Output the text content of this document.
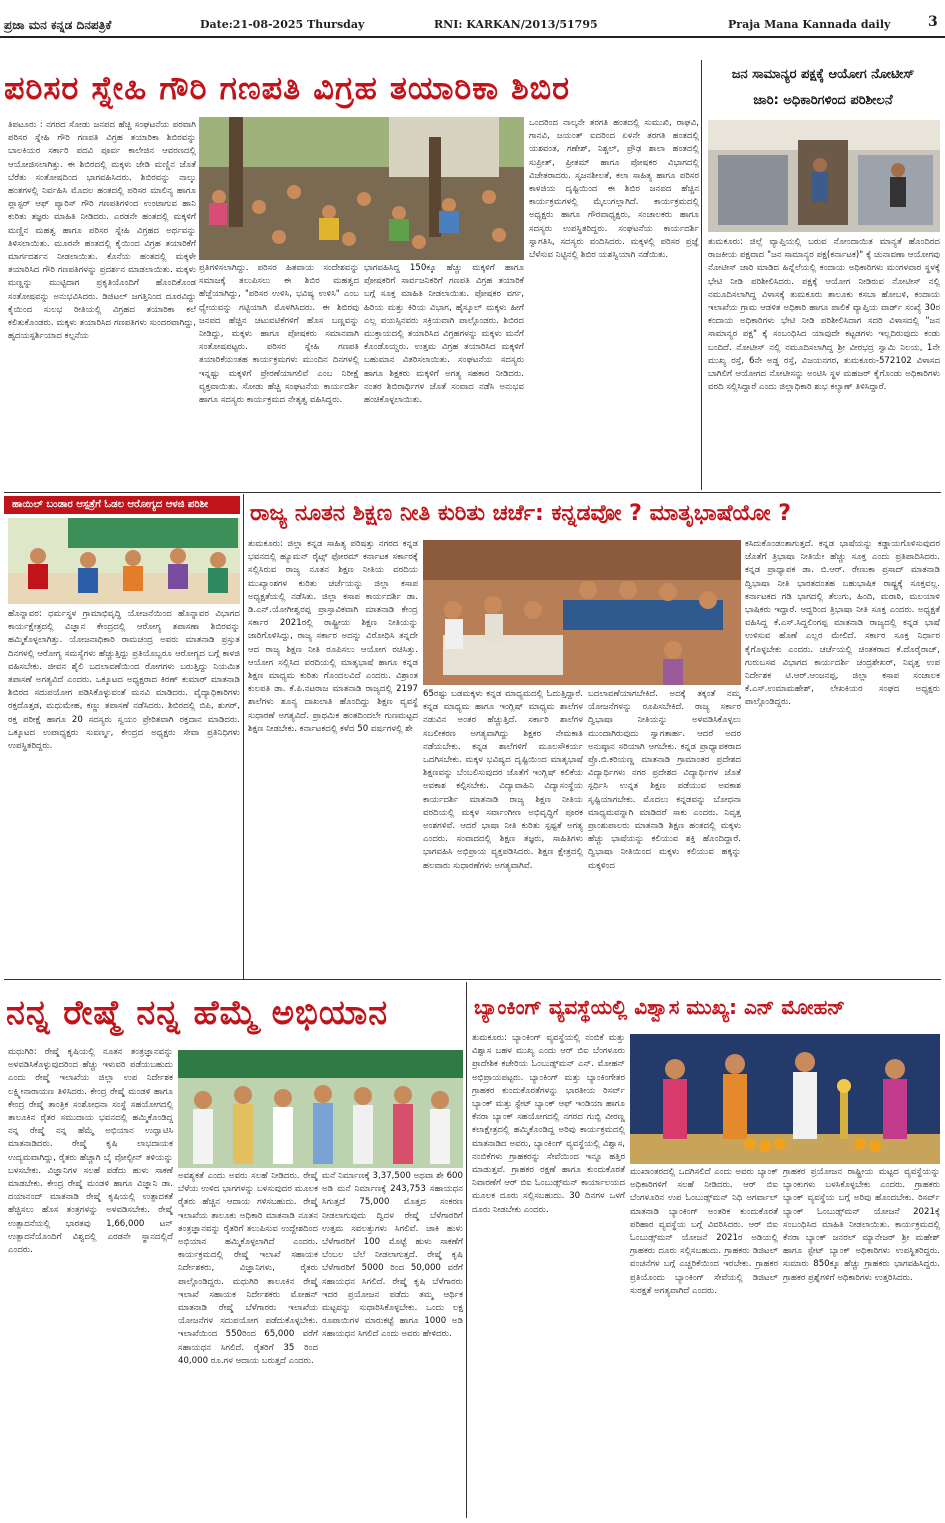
ಪ್ರಜಾ ಮನ ಕನ್ನಡ ದಿನಪತ್ರಿಕೆ	Date:21-08-2025 Thursday	RNI: KARKAN/2013/51795	Praja Mana Kannada daily	3
ಪರಿಸರ ಸ್ನೇಹಿ ಗೌರಿ ಗಣಪತಿ ವಿಗ್ರಹ ತಯಾರಿಕಾ ಶಿಬಿರ
ತಿಪಟೂರು : ನಗರದ ಸೋಡು ಜನಪದ ಹೆಚ್ಚಿ ಸಂಘಟನೆಯ ಪರವಾಗಿ ಪರಿಸರ ಸ್ನೇಹಿ ಗೌರಿ ಗಣಪತಿ ವಿಗ್ರಹ ತಯಾರಿಕಾ ಶಿಬಿರವನ್ನು ಬಾಲಕಿಯರ ಸರ್ಕಾರಿ ಪದವಿ ಪೂರ್ವ ಕಾಲೇಜಿನ ಆವರಣದಲ್ಲಿ ಆಯೋಜಿಸಲಾಗಿತ್ತು. ಈ ಶಿಬಿರದಲ್ಲಿ ಮಕ್ಕಳು ಜೇಡಿ ಮಣ್ಣಿನ ಜೊತೆ ಬೆರೆತು ಸಂತೋಷದಿಂದ ಭಾಗವಹಿಸಿದರು. ಶಿಬಿರವನ್ನು ನಾಲ್ಕು ಹಂತಗಳಲ್ಲಿ ನಿರ್ವಹಿಸಿ ಮೊದಲ ಹಂತದಲ್ಲಿ ಪರಿಸರ ಮಾಲಿನ್ಯ ಹಾಗೂ ಪ್ಲಾಸ್ಟರ್ ಆಫ್ ಪ್ಯಾರಿಸ್ ಗೌರಿ ಗಣಪತಿಗಳಿಂದ ಉಂಟಾಗುವ ಹಾನಿ ಕುರಿತು ತಜ್ಞರು ಮಾಹಿತಿ ನೀಡಿದರು. ಎರಡನೇ ಹಂತದಲ್ಲಿ ಮಕ್ಕಳಿಗೆ ಮಣ್ಣಿನ ಮಹತ್ವ ಹಾಗೂ ಪರಿಸರ ಸ್ನೇಹಿ ವಿಗ್ರಹದ ಅರ್ಥವನ್ನು ತಿಳಿಸಲಾಯಿತು. ಮೂರನೇ ಹಂತದಲ್ಲಿ ಕೈಯಿಂದ ವಿಗ್ರಹ ತಯಾರಿಕೆಗೆ ಮಾರ್ಗದರ್ಶನ ನೀಡಲಾಯಿತು. ಕೊನೆಯ ಹಂತದಲ್ಲಿ ಮಕ್ಕಳೇ ತಯಾರಿಸಿದ ಗೌರಿ ಗಣಪತಿಗಳನ್ನು ಪ್ರದರ್ಶನ ಮಾಡಲಾಯಿತು. ಮಕ್ಕಳು ಮಣ್ಣನ್ನು ಮುಟ್ಟಿದಾಗ ಪ್ರಕೃತಿಯೊಂದಿಗೆ ಹೊಂದಿಕೊಂಡ ಸಂತೋಷವನ್ನು ಅನುಭವಿಸಿದರು. ಡಿಜಿಟಲ್ ಜಗತ್ತಿನಿಂದ ದೂರವಿದ್ದು ಕೈಯಿಂದ ಸುಲಭ ರೀತಿಯಲ್ಲಿ ವಿಗ್ರಹದ ತಯಾರಿಕಾ ಕಲೆ ಕಲಿತುಕೊಂಡರು. ಮಕ್ಕಳು ತಯಾರಿಸಿದ ಗಣಪತಿಗಳು ಸುಂದರವಾಗಿದ್ದು, ಹೃದಯಸ್ಪರ್ಶಿಯಾದ ಕಲ್ಪನೆಯ
ಪ್ರತಿಗಳಿಸಲಾಗಿದ್ದು. ಪರಿಸರ ಹಿತವಾಯ ಸಂದೇಶವನ್ನು ಸಮಾಜಕ್ಕೆ ತಲುಪಿಸಲು ಈ ಶಿಬಿರ ಮಹತ್ವದ ಹೆಜ್ಜೆಯಾಗಿದ್ದು, "ಪರಿಸರ ಉಳಿಸಿ, ಭವಿಷ್ಯ ಉಳಿಸಿ" ಎಂಬ ಧ್ಯೇಯವನ್ನು ಗಟ್ಟಿಯಾಗಿ ಮೊಳಗಿಸಿದರು. ಈ ಶಿಬಿರವು ಜನಪದ ಹೆಚ್ಚಿನ ಚಟುವಟಿಕೆಗಳಿಗೆ ಹೊಸ ಬಣ್ಣವನ್ನು ನೀಡಿದ್ದು, ಮಕ್ಕಳು ಹಾಗೂ ಪೋಷಕರು ಸಮಾನವಾಗಿ ಸಂತೋಷಪಟ್ಟರು. ಪರಿಸರ ಸ್ನೇಹಿ ಗಣಪತಿ ತಯಾರಿಕೆಯಂತಹ ಕಾರ್ಯಕ್ರಮಗಳು ಮುಂದಿನ ದಿನಗಳಲ್ಲಿ ಇನ್ನಷ್ಟು ಮಕ್ಕಳಿಗೆ ಪ್ರೇರಣೆಯಾಗಲಿವೆ ಎಂಬ ನಿರೀಕ್ಷೆ ವ್ಯಕ್ತವಾಯಿತು. ಸೋಡು ಹೆಚ್ಚಿ ಸಂಘಟನೆಯ ಕಾರ್ಯದರ್ಶಿ ಹಾಗೂ ಸದಸ್ಯರು ಕಾರ್ಯಕ್ರಮದ ನೇತೃತ್ವ ವಹಿಸಿದ್ದರು.
ಭಾಗವಹಿಸಿದ್ದ 150ಕ್ಕೂ ಹೆಚ್ಚು ಮಕ್ಕಳಿಗೆ ಹಾಗೂ ಪೋಷಕರಿಗೆ ಸಾರ್ವಜನಿಕರಿಗೆ ಗಣಪತಿ ವಿಗ್ರಹ ತಯಾರಿಕೆ ಬಗ್ಗೆ ಸೂಕ್ತ ಮಾಹಿತಿ ನೀಡಲಾಯಿತು. ಪೋಷಕರ ವರ್ಗ, ಹಿರಿಯ ಮತ್ತು ಕಿರಿಯ ವಿಭಾಗ, ಹೈಸ್ಕೂಲ್ ಮಕ್ಕಳು ಹೀಗೆ ಎಲ್ಲ ವಯಸ್ಸಿನವರು ಸಕ್ರಿಯವಾಗಿ ಪಾಲ್ಗೊಂಡರು. ಶಿಬಿರದ ಮುಕ್ತಾಯದಲ್ಲಿ ತಯಾರಿಸಿದ ವಿಗ್ರಹಗಳನ್ನು ಮಕ್ಕಳು ಮನೆಗೆ ಕೊಂಡೊಯ್ದರು. ಉತ್ತಮ ವಿಗ್ರಹ ತಯಾರಿಸಿದ ಮಕ್ಕಳಿಗೆ ಬಹುಮಾನ ವಿತರಿಸಲಾಯಿತು. ಸಂಘಟನೆಯ ಸದಸ್ಯರು ಹಾಗೂ ಶಿಕ್ಷಕರು ಮಕ್ಕಳಿಗೆ ಅಗತ್ಯ ಸಹಕಾರ ನೀಡಿದರು. ನಂತರ ಶಿಬಿರಾರ್ಥಿಗಳ ಜೊತೆ ಸಂವಾದ ನಡೆಸಿ ಅನುಭವ ಹಂಚಿಕೊಳ್ಳಲಾಯಿತು.
ಒಂದರಿಂದ ನಾಲ್ಕನೇ ತರಗತಿ ಹಂತದಲ್ಲಿ ಸುಮುಖಿ, ರಾಘವಿ, ಗಾನವಿ, ಜಯಂತ್ ಐದರಿಂದ ಏಳನೇ ತರಗತಿ ಹಂತದಲ್ಲಿ ಯಶವಂತ, ಗಣೇಶ್, ನಿಶ್ಚಲ್, ಪ್ರೌಢ ಶಾಲಾ ಹಂತದಲ್ಲಿ ಸುಪ್ರೀತ್, ಪ್ರೀತಮ್ ಹಾಗೂ ಪೋಷಕರ ವಿಭಾಗದಲ್ಲಿ ವಿಜೇತರಾದರು. ಸೃಜನಶೀಲತೆ, ಕಲಾ ಸಾಹಿತ್ಯ ಹಾಗೂ ಪರಿಸರ ಕಾಳಜಿಯ ದೃಷ್ಟಿಯಿಂದ ಈ ಶಿಬಿರ ಜನಪದ ಹೆಚ್ಚಿನ ಕಾರ್ಯಕ್ರಮಗಳಲ್ಲಿ ಮೈಲುಗಲ್ಲಾಗಿದೆ. ಕಾರ್ಯಕ್ರಮದಲ್ಲಿ ಅಧ್ಯಕ್ಷರು ಹಾಗೂ ಗೌರವಾಧ್ಯಕ್ಷರು, ಸಂಚಾಲಕರು ಹಾಗೂ ಸದಸ್ಯರು ಉಪಸ್ಥಿತರಿದ್ದರು. ಸಂಘಟನೆಯ ಕಾರ್ಯದರ್ಶಿ ಸ್ವಾಗತಿಸಿ, ಸದಸ್ಯರು ವಂದಿಸಿದರು. ಮಕ್ಕಳಲ್ಲಿ ಪರಿಸರ ಪ್ರಜ್ಞೆ ಬೆಳೆಸುವ ನಿಟ್ಟಿನಲ್ಲಿ ಶಿಬಿರ ಯಶಸ್ವಿಯಾಗಿ ನಡೆಯಿತು.
ಜನ ಸಾಮಾನ್ಯರ ಪಕ್ಷಕ್ಕೆ ಆಯೋಗ ನೋಟೀಸ್
ಜಾರಿ: ಅಧಿಕಾರಿಗಳಿಂದ ಪರಿಶೀಲನೆ
ತುಮಕೂರು: ಜಿಲ್ಲೆ ವ್ಯಾಪ್ತಿಯಲ್ಲಿ ಬರುವ ನೋಂದಾಯಿತ ಮಾನ್ಯತೆ ಹೊಂದಿರದ ರಾಜಕೀಯ ಪಕ್ಷವಾದ "ಜನ ಸಾಮಾನ್ಯರ ಪಕ್ಷ(ಕರ್ನಾಟಕ)" ಕ್ಕೆ ಚುನಾವಣಾ ಆಯೋಗವು ನೋಟೀಸ್ ಜಾರಿ ಮಾಡಿದ ಹಿನ್ನೆಲೆಯಲ್ಲಿ ಕಂದಾಯ ಅಧಿಕಾರಿಗಳು ಮಂಗಳವಾರ ಸ್ಥಳಕ್ಕೆ ಭೇಟಿ ನೀಡಿ ಪರಿಶೀಲಿಸಿದರು. ಪಕ್ಷಕ್ಕೆ ಆಯೋಗ ನೀಡಿರುವ ನೋಟೀಸ್ ನಲ್ಲಿ ನಮೂದಿಸಲಾಗಿದ್ದ ವಿಳಾಸಕ್ಕೆ ತುಮಕೂರು ತಾಲೂಕು ಕಸಬಾ ಹೋಬಳಿ, ಕಂದಾಯ ಇಲಾಖೆಯ ಗ್ರಾಮ ಆಡಳಿತ ಅಧಿಕಾರಿ ಹಾಗೂ ಪಾಲಿಕೆ ವ್ಯಾಪ್ತಿಯ ವಾರ್ಡ್ ಸಂಖ್ಯೆ 30ರ ಕಂದಾಯ ಅಧಿಕಾರಿಗಳು ಭೇಟಿ ನೀಡಿ ಪರಿಶೀಲಿಸಿದಾಗ ಸದರಿ ವಿಳಾಸದಲ್ಲಿ "ಜನ ಸಾಮಾನ್ಯರ ಪಕ್ಷ" ಕ್ಕೆ ಸಂಬಂಧಿಸಿದ ಯಾವುದೇ ಕಟ್ಟಡಗಳು ಇಲ್ಲದಿರುವುದು ಕಂಡು ಬಂದಿದೆ. ನೋಟೀಸ್ ನಲ್ಲಿ ನಮೂದಿಸಲಾಗಿದ್ದ ಶ್ರೀ ವೀರಭದ್ರ ಸ್ವಾಮಿ ನಿಲಯ, 1ನೇ ಮುಖ್ಯ ರಸ್ತೆ, 6ನೇ ಅಡ್ಡ ರಸ್ತೆ, ವಿಜಯನಗರ, ತುಮಕೂರು-572102 ವಿಳಾಸದ ಬಾಗಿಲಿಗೆ ಆಯೋಗದ ನೋಟೀಸನ್ನು ಅಂಟಿಸಿ ಸ್ಥಳ ಮಹಜರ್ ಕೈಗೊಂಡು ಅಧಿಕಾರಿಗಳು ವರದಿ ಸಲ್ಲಿಸಿದ್ದಾರೆ ಎಂದು ಜಿಲ್ಲಾಧಿಕಾರಿ ಶುಭ ಕಲ್ಯಾಣ್ ತಿಳಿಸಿದ್ದಾರೆ.
ಹಾಯಿಲ್ ಬಂಡಾರ ಆಸ್ಪತ್ರೆಗೆ ಓಡಲ ಆರೋಗ್ಯದ ಆಳಜಿ ಪರಿಶೀ
ಹೊನ್ನಾವರ: ಧರ್ಮಸ್ಥಳ ಗ್ರಾಮಾಭಿವೃದ್ಧಿ ಯೋಜನೆಯಿಂದ ಹೊನ್ನಾವರ ವಿಭಾಗದ ಕಾರ್ಯಕ್ಷೇತ್ರದಲ್ಲಿ ವಿಜ್ಞಾನ ಕೇಂದ್ರದಲ್ಲಿ ಆರೋಗ್ಯ ತಪಾಸಣಾ ಶಿಬಿರವನ್ನು ಹಮ್ಮಿಕೊಳ್ಳಲಾಗಿತ್ತು. ಯೋಜನಾಧಿಕಾರಿ ರಾಮಚಂದ್ರ ಅವರು ಮಾತನಾಡಿ ಪ್ರಸ್ತುತ ದಿನಗಳಲ್ಲಿ ಆರೋಗ್ಯ ಸಮಸ್ಯೆಗಳು ಹೆಚ್ಚುತ್ತಿದ್ದು ಪ್ರತಿಯೊಬ್ಬರೂ ಆರೋಗ್ಯದ ಬಗ್ಗೆ ಕಾಳಜಿ ವಹಿಸಬೇಕು. ಜೀವನ ಶೈಲಿ ಬದಲಾವಣೆಯಿಂದ ರೋಗಗಳು ಬರುತ್ತಿದ್ದು ನಿಯಮಿತ ತಪಾಸಣೆ ಅಗತ್ಯವಿದೆ ಎಂದರು. ಒಕ್ಕೂಟದ ಅಧ್ಯಕ್ಷರಾದ ಕಿರಣ್ ಕುಮಾರ್ ಮಾತನಾಡಿ ಶಿಬಿರದ ಸದುಪಯೋಗ ಪಡಿಸಿಕೊಳ್ಳುವಂತೆ ಮನವಿ ಮಾಡಿದರು. ವೈದ್ಯಾಧಿಕಾರಿಗಳು ರಕ್ತದೊತ್ತಡ, ಮಧುಮೇಹ, ಕಣ್ಣು ತಪಾಸಣೆ ನಡೆಸಿದರು. ಶಿಬಿರದಲ್ಲಿ ಬಿಪಿ, ಶುಗರ್, ರಕ್ತ ಪರೀಕ್ಷೆ ಹಾಗೂ 20 ಸದಸ್ಯರು ಸ್ವಯಂ ಪ್ರೇರಿತವಾಗಿ ರಕ್ತದಾನ ಮಾಡಿದರು. ಒಕ್ಕೂಟದ ಉಪಾಧ್ಯಕ್ಷರು ಸುವರ್ಣ್ಮ, ಕೇಂದ್ರದ ಅಧ್ಯಕ್ಷರು ಸೇವಾ ಪ್ರತಿನಿಧಿಗಳು ಉಪಸ್ಥಿತರಿದ್ದರು.
ರಾಜ್ಯ ನೂತನ ಶಿಕ್ಷಣ ನೀತಿ ಕುರಿತು ಚರ್ಚೆ: ಕನ್ನಡವೋ ? ಮಾತೃಭಾಷೆಯೋ ?
ತುಮಕೂರು: ಜಿಲ್ಲಾ ಕನ್ನಡ ಸಾಹಿತ್ಯ ಪರಿಷತ್ತು ನಗರದ ಕನ್ನಡ ಭವನದಲ್ಲಿ ಹ್ಯೂಮನ್ ರೈಟ್ಸ್ ಫೋರಮ್ ಕರ್ನಾಟಕ ಸರ್ಕಾರಕ್ಕೆ ಸಲ್ಲಿಸಿರುವ ರಾಜ್ಯ ನೂತನ ಶಿಕ್ಷಣ ನೀತಿಯ ವರದಿಯ ಮುಖ್ಯಾಂಶಗಳ ಕುರಿತು ಚರ್ಚೆಯನ್ನು ಜಿಲ್ಲಾ ಕಸಾಪ ಅಧ್ಯಕ್ಷತೆಯಲ್ಲಿ ನಡೆಸಿತು. ಜಿಲ್ಲಾ ಕಸಾಪ ಕಾರ್ಯದರ್ಶಿ ಡಾ. ಡಿ.ಎನ್.ಯೋಗೀಶ್ವರಪ್ಪ ಪ್ರಾಸ್ತಾವಿಕವಾಗಿ ಮಾತನಾಡಿ ಕೇಂದ್ರ ಸರ್ಕಾರ 2021ರಲ್ಲಿ ರಾಷ್ಟ್ರೀಯ ಶಿಕ್ಷಣ ನೀತಿಯನ್ನು ಜಾರಿಗೊಳಿಸಿದ್ದು, ರಾಜ್ಯ ಸರ್ಕಾರ ಅದನ್ನು ವಿರೋಧಿಸಿ ತನ್ನದೇ ಆದ ರಾಜ್ಯ ಶಿಕ್ಷಣ ನೀತಿ ರೂಪಿಸಲು ಆಯೋಗ ರಚಿಸಿತ್ತು. ಆಯೋಗ ಸಲ್ಲಿಸಿದ ವರದಿಯಲ್ಲಿ ಮಾತೃಭಾಷೆ ಹಾಗೂ ಕನ್ನಡ ಶಿಕ್ಷಣ ಮಾಧ್ಯಮ ಕುರಿತು ಗೊಂದಲವಿದೆ ಎಂದರು. ವಿಶ್ರಾಂತ ಕುಲಪತಿ ಡಾ. ಕೆ.ಪಿ.ನಟರಾಜ ಮಾತನಾಡಿ ರಾಜ್ಯದಲ್ಲಿ 2197 ಶಾಲೆಗಳು ಶೂನ್ಯ ದಾಖಲಾತಿ ಹೊಂದಿದ್ದು ಶಿಕ್ಷಣ ವ್ಯವಸ್ಥೆ ಸುಧಾರಣೆ ಅಗತ್ಯವಿದೆ. ಪ್ರಾಥಮಿಕ ಹಂತದಿಂದಲೇ ಗುಣಮಟ್ಟದ ಶಿಕ್ಷಣ ನೀಡಬೇಕು. ಕರ್ನಾಟಕದಲ್ಲಿ ಕಳೆದ 50 ವರ್ಷಗಳಲ್ಲಿ ಶೇ
65ರಷ್ಟು ಬಡಮಕ್ಕಳು ಕನ್ನಡ ಮಾಧ್ಯಮದಲ್ಲಿ ಓದುತ್ತಿದ್ದಾರೆ. ಕನ್ನಡ ಮಾಧ್ಯಮ ಹಾಗೂ ಇಂಗ್ಲಿಷ್ ಮಾಧ್ಯಮ ಶಾಲೆಗಳ ನಡುವಿನ ಅಂತರ ಹೆಚ್ಚುತ್ತಿದೆ. ಸರ್ಕಾರಿ ಶಾಲೆಗಳ ಸಬಲೀಕರಣ ಅಗತ್ಯವಾಗಿದ್ದು ಶಿಕ್ಷಕರ ನೇಮಕಾತಿ ನಡೆಯಬೇಕು. ಕನ್ನಡ ಶಾಲೆಗಳಿಗೆ ಮೂಲಸೌಕರ್ಯ ಒದಗಿಸಬೇಕು. ಮಕ್ಕಳ ಭವಿಷ್ಯದ ದೃಷ್ಟಿಯಿಂದ ಮಾತೃಭಾಷೆ ಶಿಕ್ಷಣವನ್ನು ಬೆಂಬಲಿಸುವುದರ ಜೊತೆಗೆ ಇಂಗ್ಲಿಷ್ ಕಲಿಕೆಯ ಅವಕಾಶ ಕಲ್ಪಿಸಬೇಕು. ವಿದ್ಯಾವಾಹಿನಿ ವಿದ್ಯಾಸಂಸ್ಥೆಯ ಕಾರ್ಯದರ್ಶಿ ಮಾತನಾಡಿ ರಾಜ್ಯ ಶಿಕ್ಷಣ ನೀತಿಯ ವರದಿಯಲ್ಲಿ ಮಕ್ಕಳ ಸರ್ವಾಂಗೀಣ ಅಭಿವೃದ್ಧಿಗೆ ಪೂರಕ ಅಂಶಗಳಿವೆ. ಆದರೆ ಭಾಷಾ ನೀತಿ ಕುರಿತು ಸ್ಪಷ್ಟತೆ ಅಗತ್ಯ ಎಂದರು. ಸಂವಾದದಲ್ಲಿ ಶಿಕ್ಷಣ ತಜ್ಞರು, ಸಾಹಿತಿಗಳು ಭಾಗವಹಿಸಿ ಅಭಿಪ್ರಾಯ ವ್ಯಕ್ತಪಡಿಸಿದರು. ಶಿಕ್ಷಣ ಕ್ಷೇತ್ರದಲ್ಲಿ ಹಲವಾರು ಸುಧಾರಣೆಗಳು ಅಗತ್ಯವಾಗಿವೆ.
ಬದಲಾವಣೆಯಾಗಬೇಕಿದೆ. ಅದಕ್ಕೆ ತಕ್ಕಂತೆ ನಮ್ಮ ಯೋಜನೆಗಳನ್ನು ರೂಪಿಸಬೇಕಿದೆ. ರಾಜ್ಯ ಸರ್ಕಾರ ದ್ವಿಭಾಷಾ ನೀತಿಯನ್ನು ಅಳವಡಿಸಿಕೊಳ್ಳಲು ಮುಂದಾಗಿರುವುದು ಸ್ವಾಗತಾರ್ಹ. ಆದರೆ ಅದರ ಅನುಷ್ಠಾನ ಸರಿಯಾಗಿ ಆಗಬೇಕು. ಕನ್ನಡ ಪ್ರಾಧ್ಯಾಪಕರಾದ ಪ್ರೊ.ಬಿ.ಕರಿಯಣ್ಣ ಮಾತನಾಡಿ ಗ್ರಾಮಾಂತರ ಪ್ರದೇಶದ ವಿದ್ಯಾರ್ಥಿಗಳು ನಗರ ಪ್ರದೇಶದ ವಿದ್ಯಾರ್ಥಿಗಳ ಜೊತೆ ಸ್ಪರ್ಧಿಸಿ ಉನ್ನತ ಶಿಕ್ಷಣ ಪಡೆಯುವ ಅವಕಾಶ ಸೃಷ್ಟಿಯಾಗಬೇಕು. ಮೊದಲು ಕನ್ನಡವನ್ನು ಬೋಧನಾ ಮಾಧ್ಯಮವನ್ನಾಗಿ ಮಾಡಿದರೆ ಸಾಕು ಎಂದರು. ನಿವೃತ್ತ ಪ್ರಾಂಶುಪಾಲರು ಮಾತನಾಡಿ ಶಿಕ್ಷಣ ಹಂತದಲ್ಲಿ ಮಕ್ಕಳು ಹೆಚ್ಚು ಭಾಷೆಯನ್ನು ಕಲಿಯುವ ಶಕ್ತಿ ಹೊಂದಿದ್ದಾರೆ. ದ್ವಿಭಾಷಾ ನೀತಿಯಿಂದ ಮಕ್ಕಳು ಕಲಿಯುವ ಹಕ್ಕನ್ನು ಮಕ್ಕಳಿಂದ
ಕಸಿದುಕೊಂಡಂತಾಗುತ್ತದೆ. ಕನ್ನಡ ಭಾಷೆಯನ್ನು ಕಡ್ಡಾಯಗೊಳಿಸುವುದರ ಜೊತೆಗೆ ತ್ರಿಭಾಷಾ ನೀತಿಯೇ ಹೆಚ್ಚು ಸೂಕ್ತ ಎಂದು ಪ್ರತಿಪಾದಿಸಿದರು. ಕನ್ನಡ ಪ್ರಾಧ್ಯಾಪಕ ಡಾ. ಬಿ.ಆರ್. ರೇಣುಕಾ ಪ್ರಸಾದ್ ಮಾತನಾಡಿ ದ್ವಿಭಾಷಾ ನೀತಿ ಭಾರತದಂತಹ ಬಹುಭಾಷಿಕ ರಾಷ್ಟ್ರಕ್ಕೆ ಸೂಕ್ತವಲ್ಲ. ಕರ್ನಾಟಕದ ಗಡಿ ಭಾಗದಲ್ಲಿ ತೆಲುಗು, ಹಿಂದಿ, ಮರಾಠಿ, ಮಲಯಾಳಿ ಭಾಷಿಕರು ಇದ್ದಾರೆ. ಆದ್ದರಿಂದ ತ್ರಿಭಾಷಾ ನೀತಿ ಸೂಕ್ತ ಎಂದರು. ಅಧ್ಯಕ್ಷತೆ ವಹಿಸಿದ್ದ ಕೆ.ಎಸ್.ಸಿದ್ದಲಿಂಗಪ್ಪ ಮಾತನಾಡಿ ರಾಜ್ಯದಲ್ಲಿ ಕನ್ನಡ ಭಾಷೆ ಉಳಿಸುವ ಹೊಣೆ ಎಲ್ಲರ ಮೇಲಿದೆ. ಸರ್ಕಾರ ಸೂಕ್ತ ನಿರ್ಧಾರ ಕೈಗೊಳ್ಳಬೇಕು ಎಂದರು. ಚರ್ಚೆಯಲ್ಲಿ ಚಿಂತಕರಾದ ಕೆ.ದೊರೈರಾಜ್, ಗುರುಬಸವ ವಿಭಾಗದ ಕಾರ್ಯದರ್ಶಿ ಚಂದ್ರಶೇಖರ್, ನಿವೃತ್ತ ಉಪ ನಿರ್ದೇಶಕ ಟಿ.ಆರ್.ಆಂಜನಪ್ಪ, ಜಿಲ್ಲಾ ಕಸಾಪ ಸಂಚಾಲಕ ಕೆ.ಎಸ್.ಉಮಾಮಹೇಶ್, ಲೇಖಕಿಯರ ಸಂಘದ ಅಧ್ಯಕ್ಷರು ಪಾಲ್ಗೊಂಡಿದ್ದರು.
ನನ್ನ ರೇಷ್ಮೆ ನನ್ನ ಹೆಮ್ಮೆ ಅಭಿಯಾನ
ಮಧುಗಿರಿ: ರೇಷ್ಮೆ ಕೃಷಿಯಲ್ಲಿ ನೂತನ ತಂತ್ರಜ್ಞಾನವನ್ನು ಅಳವಡಿಸಿಕೊಳ್ಳುವುದರಿಂದ ಹೆಚ್ಚು ಇಳುವರಿ ಪಡೆಯಬಹುದು ಎಂದು ರೇಷ್ಮೆ ಇಲಾಖೆಯ ಜಿಲ್ಲಾ ಉಪ ನಿರ್ದೇಶಕ ಲಕ್ಷ್ಮೀನಾರಾಯಣ ತಿಳಿಸಿದರು. ಕೇಂದ್ರ ರೇಷ್ಮೆ ಮಂಡಳಿ ಹಾಗೂ ಕೇಂದ್ರ ರೇಷ್ಮೆ ತಾಂತ್ರಿಕ ಸಂಶೋಧನಾ ಸಂಸ್ಥೆ ಸಹಯೋಗದಲ್ಲಿ ತಾಲೂಕಿನ ರೈತರ ಸಮುದಾಯ ಭವನದಲ್ಲಿ ಹಮ್ಮಿಕೊಂಡಿದ್ದ ನನ್ನ ರೇಷ್ಮೆ ನನ್ನ ಹೆಮ್ಮೆ ಅಭಿಯಾನ ಉದ್ಘಾಟಿಸಿ ಮಾತನಾಡಿದರು. ರೇಷ್ಮೆ ಕೃಷಿ ಲಾಭದಾಯಕ ಉದ್ಯಮವಾಗಿದ್ದು, ರೈತರು ಹೆಚ್ಚಾಗಿ ಬೈ ವೋಲ್ಟೀನ್ ತಳಿಯನ್ನು ಬಳಸಬೇಕು. ವಿಜ್ಞಾನಿಗಳ ಸಲಹೆ ಪಡೆದು ಹುಳು ಸಾಕಣೆ ಮಾಡಬೇಕು. ಕೇಂದ್ರ ರೇಷ್ಮೆ ಮಂಡಳಿ ಹಾಗೂ ವಿಜ್ಞಾನಿ ಡಾ. ದಯಾನಂದ್ ಮಾತನಾಡಿ ರೇಷ್ಮೆ ಕೃಷಿಯಲ್ಲಿ ಉತ್ಪಾದಕತೆ ಹೆಚ್ಚಿಸಲು ಹೊಸ ತಂತ್ರಗಳನ್ನು ಅಳವಡಿಸಬೇಕು. ರೇಷ್ಮೆ ಉತ್ಪಾದನೆಯಲ್ಲಿ ಭಾರತವು 1,66,000 ಟನ್ ಉತ್ಪಾದನೆಯೊಂದಿಗೆ ವಿಶ್ವದಲ್ಲಿ ಎರಡನೇ ಸ್ಥಾನದಲ್ಲಿದೆ ಎಂದರು.
ಅವಶ್ಯಕತೆ ಎಂದು ಅವರು ಸಲಹೆ ನೀಡಿದರು. ರೇಷ್ಮೆ ಬೆಳೆಯ ಉಳಿದ ಭಾಗಗಳನ್ನು ಬಳಸುವುದರ ಮೂಲಕ ರೈತರು ಹೆಚ್ಚಿನ ಆದಾಯ ಗಳಿಸಬಹುದು. ರೇಷ್ಮೆ ಇಲಾಖೆಯ ತಾಲೂಕು ಅಧಿಕಾರಿ ಮಾತನಾಡಿ ನೂತನ ತಂತ್ರಜ್ಞಾನವನ್ನು ರೈತರಿಗೆ ತಲುಪಿಸುವ ಉದ್ದೇಶದಿಂದ ಅಭಿಯಾನ ಹಮ್ಮಿಕೊಳ್ಳಲಾಗಿದೆ ಎಂದರು. ಕಾರ್ಯಕ್ರಮದಲ್ಲಿ ರೇಷ್ಮೆ ಇಲಾಖೆ ಸಹಾಯಕ ನಿರ್ದೇಶಕರು, ವಿಜ್ಞಾನಿಗಳು, ರೈತರು ಪಾಲ್ಗೊಂಡಿದ್ದರು. ಮಧುಗಿರಿ ತಾಲೂಕಿನ ರೇಷ್ಮೆ ಇಲಾಖೆ ಸಹಾಯಕ ನಿರ್ದೇಶಕರು ಮೋಹನ್ ಮಾತನಾಡಿ ರೇಷ್ಮೆ ಬೆಳೆಗಾರರು ಇಲಾಖೆಯ ಯೋಜನೆಗಳ ಸದುಪಯೋಗ ಪಡೆದುಕೊಳ್ಳಬೇಕು. ಇಲಾಖೆಯಿಂದ 550ರಿಂದ 65,000 ವರೆಗೆ ಸಹಾಯಧನ ಸಿಗಲಿದೆ. ರೈತರಿಗೆ 35 ರಿಂದ 40,000 ರೂ.ಗಳ ಆದಾಯ ಬರುತ್ತದೆ ಎಂದರು.
ಮನೆ ನಿರ್ಮಾಣಕ್ಕೆ 3,37,500 ಅಥವಾ ಶೇ 600 ಅಡಿ ಮನೆ ನಿರ್ಮಾಣಕ್ಕೆ 243,753 ಸಹಾಯಧನ ಸಿಗುತ್ತದೆ 75,000 ಮೊತ್ತದ ಸಂಕರಣ ನೀಡಲಾಗುವುದು ದ್ವಿದಳ ರೇಷ್ಮೆ ಬೆಳೆಗಾರರಿಗೆ ಉತ್ತಮ ಸವಲತ್ತುಗಳು ಸಿಗಲಿವೆ. ಚಾಕಿ ಹುಳು ಬೆಳೆಗಾರರಿಗೆ 100 ಮೊಟ್ಟೆ ಹುಳು ಸಾಕಣೆಗೆ ಬೆಂಬಲ ಬೆಲೆ ನೀಡಲಾಗುತ್ತದೆ. ರೇಷ್ಮೆ ಕೃಷಿ ಬೆಳೆಗಾರರಿಗೆ 5000 ರಿಂದ 50,000 ವರೆಗೆ ಸಹಾಯಧನ ಸಿಗಲಿದೆ. ರೇಷ್ಮೆ ಕೃಷಿ ಬೆಳೆಗಾರರು ಇದರ ಪ್ರಯೋಜನ ಪಡೆದು ತಮ್ಮ ಆರ್ಥಿಕ ಮಟ್ಟವನ್ನು ಸುಧಾರಿಸಿಕೊಳ್ಳಬೇಕು. ಒಂದು ಲಕ್ಷ ರೂಪಾಯಿಗಳ ಮಾರುಕಟ್ಟೆ ಹಾಗೂ 1000 ಅಡಿ ಸಹಾಯಧನ ಸಿಗಲಿದೆ ಎಂದು ಅವರು ಹೇಳಿದರು.
ಬ್ಯಾಂಕಿಂಗ್ ವ್ಯವಸ್ಥೆಯಲ್ಲಿ ವಿಶ್ವಾಸ ಮುಖ್ಯ: ಎನ್ ಮೋಹನ್
ತುಮಕೂರು: ಬ್ಯಾಂಕಿಂಗ್ ವ್ಯವಸ್ಥೆಯಲ್ಲಿ ನಂಬಿಕೆ ಮತ್ತು ವಿಶ್ವಾಸ ಬಹಳ ಮುಖ್ಯ ಎಂದು ಆರ್ ಬಿಐ ಬೆಂಗಳೂರು ಪ್ರಾದೇಶಿಕ ಕಚೇರಿಯ ಓಂಬುಡ್ಸ್‌ಮನ್ ಎನ್. ಮೋಹನ್ ಅಭಿಪ್ರಾಯಪಟ್ಟರು. ಬ್ಯಾಂಕಿಂಗ್ ಮತ್ತು ಬ್ಯಾಂಕಿಂಗೇತರ ಗ್ರಾಹಕರ ಕುಂದುಕೊರತೆಗಳನ್ನು ಭಾರತೀಯ ರಿಸರ್ವ್ ಬ್ಯಾಂಕ್ ಮತ್ತು ಸ್ಟೇಟ್ ಬ್ಯಾಂಕ್ ಆಫ್ ಇಂಡಿಯಾ ಹಾಗೂ ಕೆನರಾ ಬ್ಯಾಂಕ್ ಸಹಯೋಗದಲ್ಲಿ ನಗರದ ಗುಬ್ಬಿ ವೀರಣ್ಣ ಕಲಾಕ್ಷೇತ್ರದಲ್ಲಿ ಹಮ್ಮಿಕೊಂಡಿದ್ದ ಅರಿವು ಕಾರ್ಯಕ್ರಮದಲ್ಲಿ ಮಾತನಾಡಿದ ಅವರು, ಬ್ಯಾಂಕಿಂಗ್ ವ್ಯವಸ್ಥೆಯಲ್ಲಿ ವಿಶ್ವಾಸ, ನಂಬಿಕೆಗಳು ಗ್ರಾಹಕರನ್ನು ಸೇವೆಯಿಂದ ಇನ್ನೂ ಹತ್ತಿರ ಮಾಡುತ್ತವೆ. ಗ್ರಾಹಕರ ರಕ್ಷಣೆ ಹಾಗೂ ಕುಂದುಕೊರತೆ ನಿವಾರಣೆಗೆ ಆರ್ ಬಿಐ ಓಂಬುಡ್ಸ್‌ಮನ್ ಕಾರ್ಯಾಲಯದ ಮೂಲಕ ದೂರು ಸಲ್ಲಿಸಬಹುದು. 30 ದಿನಗಳ ಒಳಗೆ ದೂರು ನೀಡಬೇಕು ಎಂದರು.
ಮುಖಾಂತರದಲ್ಲಿ ಒದಗಿಸಲಿದೆ ಎಂದು ಅವರು ಬ್ಯಾಂಕ್ ಅಧಿಕಾರಿಗಳಿಗೆ ಸಲಹೆ ನೀಡಿದರು. ಆರ್ ಬಿಐ ಬೆಂಗಳೂರಿನ ಉಪ ಓಂಬುಡ್ಸ್‌ಮನ್ ನಿಧಿ ಅಗರ್ವಾಲ್ ಮಾತನಾಡಿ ಬ್ಯಾಂಕಿಂಗ್ ಅಂತರಿಕ ಕುಂದುಕೊರತೆ ಪರಿಹಾರ ವ್ಯವಸ್ಥೆಯ ಬಗ್ಗೆ ವಿವರಿಸಿದರು. ಆರ್ ಬಿಐ ಓಂಬುಡ್ಸ್‌ಮನ್ ಯೋಜನೆ 2021ರ ಅಡಿಯಲ್ಲಿ ಗ್ರಾಹಕರು ದೂರು ಸಲ್ಲಿಸಬಹುದು. ಗ್ರಾಹಕರು ಡಿಜಿಟಲ್ ವಂಚನೆಗಳ ಬಗ್ಗೆ ಎಚ್ಚರಿಕೆಯಿಂದ ಇರಬೇಕು. ಗ್ರಾಹಕರ ಪ್ರತಿಯೊಂದು ಬ್ಯಾಂಕಿಂಗ್ ಸೇವೆಯಲ್ಲಿ ಡಿಜಿಟಲ್ ಸುರಕ್ಷತೆ ಅಗತ್ಯವಾಗಿದೆ ಎಂದರು.
ಗ್ರಾಹಕರ ಪ್ರಯೋಜನ ರಾಷ್ಟ್ರೀಯ ಮಟ್ಟದ ವ್ಯವಸ್ಥೆಯನ್ನು ಬ್ಯಾಂಕುಗಳು ಬಳಸಿಕೊಳ್ಳಬೇಕು ಎಂದರು. ಗ್ರಾಹಕರು ಬ್ಯಾಂಕ್ ವ್ಯವಸ್ಥೆಯ ಬಗ್ಗೆ ಅರಿವು ಹೊಂದಬೇಕು. ರಿಸರ್ವ್ ಬ್ಯಾಂಕ್ ಓಂಬುಡ್ಸ್‌ಮನ್ ಯೋಜನೆ 2021ಕ್ಕೆ ಸಂಬಂಧಿಸಿದ ಮಾಹಿತಿ ನೀಡಲಾಯಿತು. ಕಾರ್ಯಕ್ರಮದಲ್ಲಿ ಕೆನರಾ ಬ್ಯಾಂಕ್ ಜನರಲ್ ಮ್ಯಾನೇಜರ್ ಶ್ರೀ ಮಹೇಶ್ ಹಾಗೂ ಸ್ಟೇಟ್ ಬ್ಯಾಂಕ್ ಅಧಿಕಾರಿಗಳು ಉಪಸ್ಥಿತರಿದ್ದರು. ಸುಮಾರು 850ಕ್ಕೂ ಹೆಚ್ಚು ಗ್ರಾಹಕರು ಭಾಗವಹಿಸಿದ್ದರು. ಗ್ರಾಹಕರ ಪ್ರಶ್ನೆಗಳಿಗೆ ಅಧಿಕಾರಿಗಳು ಉತ್ತರಿಸಿದರು.
